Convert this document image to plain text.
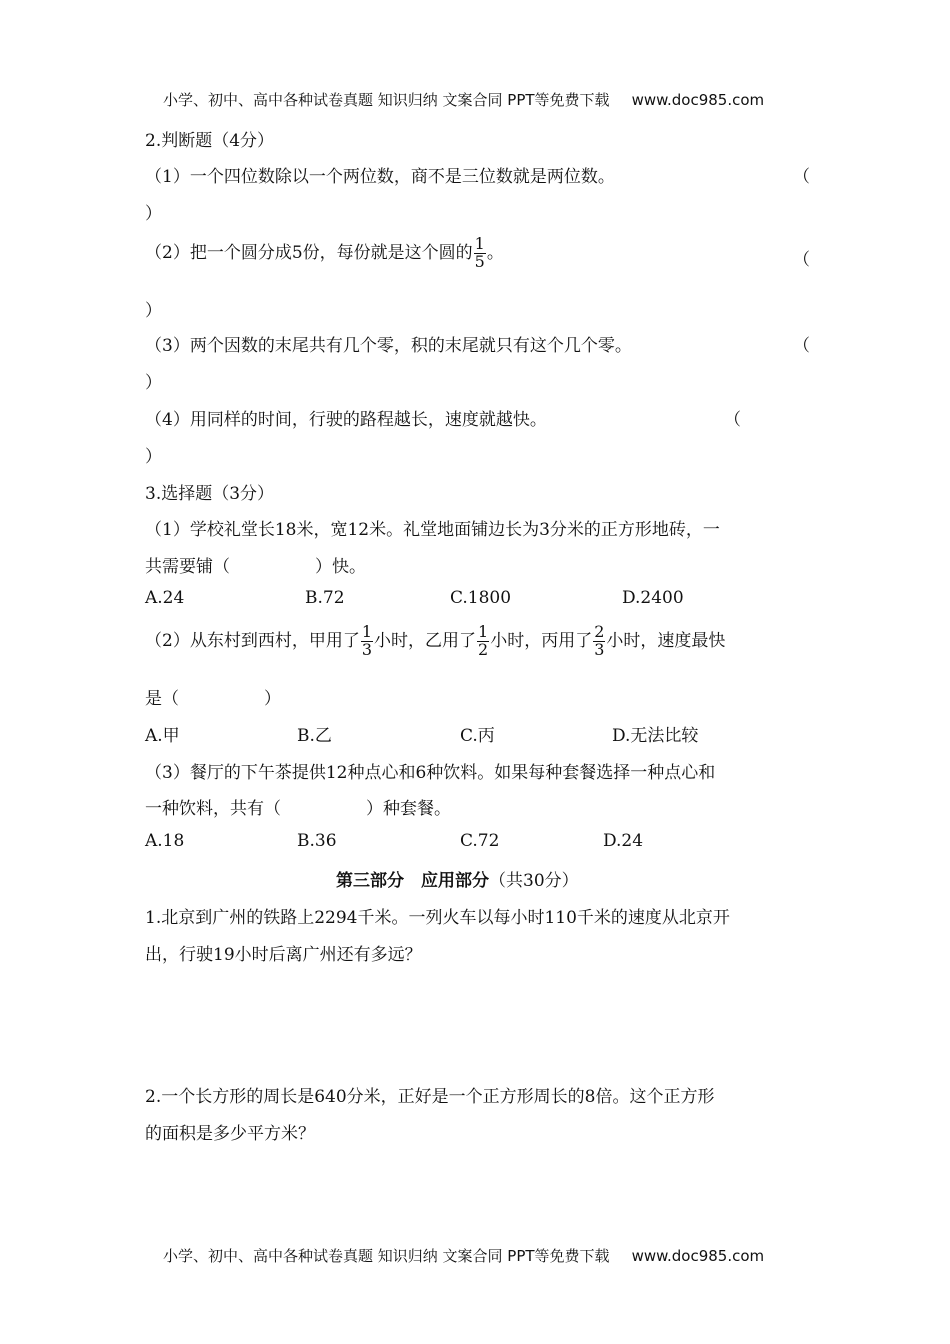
小学、初中、高中各种试卷真题 知识归纳 文案合同 PPT等免费下载 www.doc985.com
2.判断题（4分）
（1）一个四位数除以一个两位数，商不是三位数就是两位数。	（
）
（2）把一个圆分成5份，每份就是这个圆的 $\frac{1}{5}$ 。	（
）
（3）两个因数的末尾共有几个零，积的末尾就只有这个几个零。	（
）
（4）用同样的时间，行驶的路程越长，速度就越快。	（
）
3.选择题（3分）
（1）学校礼堂长18米，宽12米。礼堂地面铺边长为3分米的正方形地砖，一
共需要铺（　　　　　）快。
A.24	B.72	C.1800	D.2400
（2）从东村到西村，甲用了 $\frac{1}{3}$ 小时，乙用了 $\frac{1}{2}$ 小时，丙用了 $\frac{2}{3}$ 小时，速度最快
是（　　　　　）
A.甲	B.乙	C.丙	D.无法比较
（3）餐厅的下午茶提供12种点心和6种饮料。如果每种套餐选择一种点心和
一种饮料，共有（　　　　　）种套餐。
A.18	B.36	C.72	D.24
第三部分　应用部分（共30分）
1.北京到广州的铁路上2294千米。一列火车以每小时110千米的速度从北京开
出，行驶19小时后离广州还有多远？
2.一个长方形的周长是640分米，正好是一个正方形周长的8倍。这个正方形
的面积是多少平方米？
小学、初中、高中各种试卷真题 知识归纳 文案合同 PPT等免费下载 www.doc985.com
